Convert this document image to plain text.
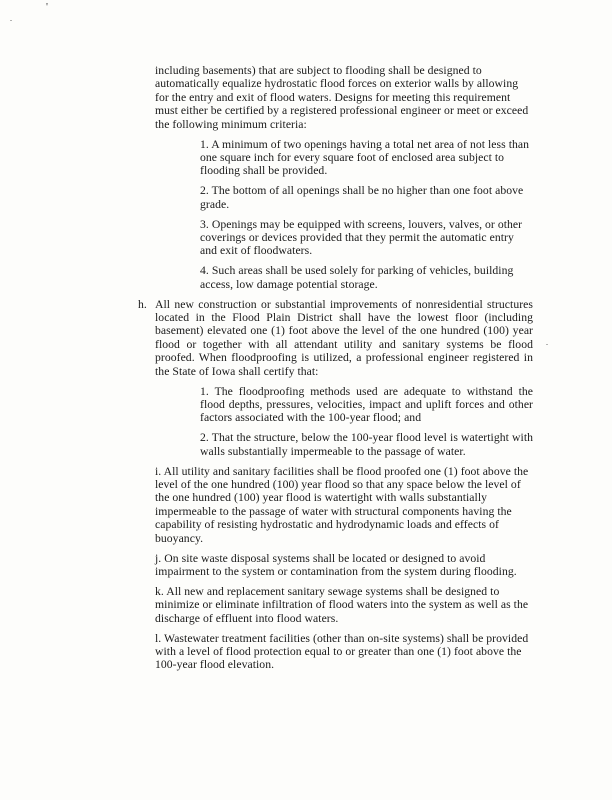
.
'
.

including basements) that are subject to flooding shall be designed to automatically equalize hydrostatic flood forces on exterior walls by allowing for the entry and exit of flood waters. Designs for meeting this requirement must either be certified by a registered professional engineer or meet or exceed the following minimum criteria:

1. A minimum of two openings having a total net area of not less than one square inch for every square foot of enclosed area subject to flooding shall be provided.

2. The bottom of all openings shall be no higher than one foot above grade.

3. Openings may be equipped with screens, louvers, valves, or other coverings or devices provided that they permit the automatic entry and exit of floodwaters.

4. Such areas shall be used solely for parking of vehicles, building access, low damage potential storage.

h. All new construction or substantial improvements of nonresidential structures located in the Flood Plain District shall have the lowest floor (including basement) elevated one (1) foot above the level of the one hundred (100) year flood or together with all attendant utility and sanitary systems be flood proofed. When floodproofing is utilized, a professional engineer registered in the State of Iowa shall certify that:

1. The floodproofing methods used are adequate to withstand the flood depths, pressures, velocities, impact and uplift forces and other factors associated with the 100-year flood; and

2. That the structure, below the 100-year flood level is watertight with walls substantially impermeable to the passage of water.

i. All utility and sanitary facilities shall be flood proofed one (1) foot above the level of the one hundred (100) year flood so that any space below the level of the one hundred (100) year flood is watertight with walls substantially impermeable to the passage of water with structural components having the capability of resisting hydrostatic and hydrodynamic loads and effects of buoyancy.

j. On site waste disposal systems shall be located or designed to avoid impairment to the system or contamination from the system during flooding.

k. All new and replacement sanitary sewage systems shall be designed to minimize or eliminate infiltration of flood waters into the system as well as the discharge of effluent into flood waters.

l. Wastewater treatment facilities (other than on-site systems) shall be provided with a level of flood protection equal to or greater than one (1) foot above the 100-year flood elevation.
